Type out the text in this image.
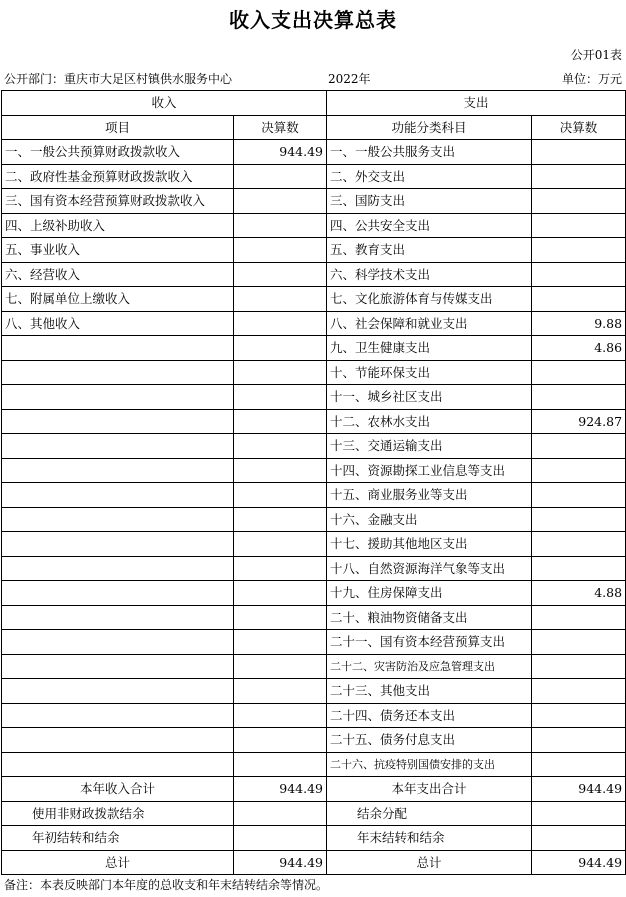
收入支出决算总表
公开01表
公开部门：重庆市大足区村镇供水服务中心	2022年	单位：万元
收入		支出	
项目	决算数	功能分类科目	决算数
一、一般公共预算财政拨款收入	944.49	一、一般公共服务支出	
二、政府性基金预算财政拨款收入		二、外交支出	
三、国有资本经营预算财政拨款收入		三、国防支出	
四、上级补助收入		四、公共安全支出	
五、事业收入		五、教育支出	
六、经营收入		六、科学技术支出	
七、附属单位上缴收入		七、文化旅游体育与传媒支出	
八、其他收入		八、社会保障和就业支出	9.88
		九、卫生健康支出	4.86
		十、节能环保支出	
		十一、城乡社区支出	
		十二、农林水支出	924.87
		十三、交通运输支出	
		十四、资源勘探工业信息等支出	
		十五、商业服务业等支出	
		十六、金融支出	
		十七、援助其他地区支出	
		十八、自然资源海洋气象等支出	
		十九、住房保障支出	4.88
		二十、粮油物资储备支出	
		二十一、国有资本经营预算支出	
		二十二、灾害防治及应急管理支出	
		二十三、其他支出	
		二十四、债务还本支出	
		二十五、债务付息支出	
		二十六、抗疫特别国债安排的支出	
本年收入合计	944.49	本年支出合计	944.49
使用非财政拨款结余		结余分配	
年初结转和结余		年末结转和结余	
总计	944.49	总计	944.49
备注：本表反映部门本年度的总收支和年末结转结余等情况。
